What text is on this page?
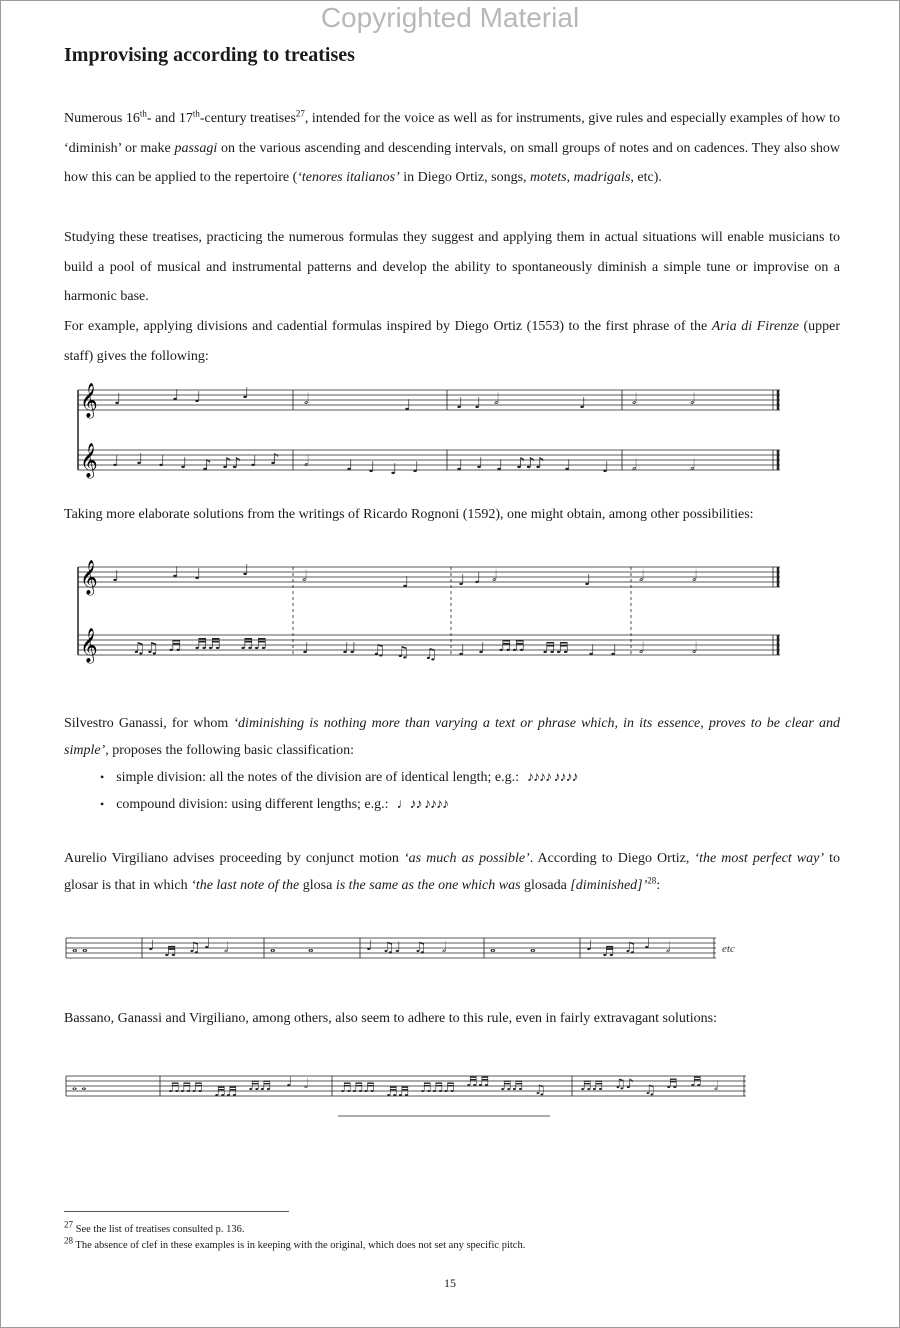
Copyrighted Material
Improvising according to treatises

Numerous 16th- and 17th-century treatises$^{27}$, intended for the voice as well as for instruments, give rules and especially examples of how to ‘diminish’ or make passagi on the various ascending and descending intervals, on small groups of notes and on cadences. They also show how this can be applied to the repertoire (‘tenores italianos’ in Diego Ortiz, songs, motets, madrigals, etc).

Studying these treatises, practicing the numerous formulas they suggest and applying them in actual situations will enable musicians to build a pool of musical and instrumental patterns and develop the ability to spontaneously diminish a simple tune or improvise on a harmonic base.

For example, applying divisions and cadential formulas inspired by Diego Ortiz (1553) to the first phrase of the Aria di Firenze (upper staff) gives the following:

𝄞
𝄞
♩	♩ ♩	♩	𝅗𝅥	♩	♩ ♩ 𝅗𝅥	♩	𝅗𝅥	𝅗𝅥
♩ ♩ ♩ ♩ ♪ ♪♪ ♩ ♪ 𝅗𝅥 ♩ ♩ ♩ ♩ ♩ ♩ ♩ ♪♪♪ ♩ ♩ 𝅗𝅥	𝅗𝅥

Taking more elaborate solutions from the writings of Ricardo Rognoni (1592), one might obtain, among other possibilities:

𝄞
𝄞
♩	♩ ♩	♩	𝅗𝅥	♩	♩ ♩ 𝅗𝅥	♩	𝅗𝅥	𝅗𝅥
♫♫ ♬ ♬♬ ♬♬ ♩ ♩♩ ♫ ♫ ♫ ♩ ♩ ♬♬ ♬♬ ♩ ♩ 𝅗𝅥	𝅗𝅥

Silvestro Ganassi, for whom ‘diminishing is nothing more than varying a text or phrase which, in its essence, proves to be clear and simple’, proposes the following basic classification:

• simple division: all the notes of the division are of identical length; e.g.: ♪♪♪♪ ♪♪♪♪
• compound division: using different lengths; e.g.: ♩♪♪ ♪♪♪♪

Aurelio Virgiliano advises proceeding by conjunct motion ‘as much as possible’. According to Diego Ortiz, ‘the most perfect way’ to glosar is that in which ‘the last note of the glosa is the same as the one which was glosada [diminished]’$^{28}$:

𝅝 𝅝	♩ ♬ ♫ ♩ 𝅗𝅥	𝅝 𝅝	♩ ♫♩ ♫ 𝅗𝅥	𝅝 𝅝	♩ ♬ ♫ ♩ 𝅗𝅥	etc

Bassano, Ganassi and Virgiliano, among others, also seem to adhere to this rule, even in fairly extravagant solutions:

𝅝 𝅝	♬♬♬ ♬♬ ♬♬ ♩ 𝅗𝅥 ♬♬♬ ♬♬ ♬♬♬ ♬♬ ♬♬ ♫	♬♬ ♫♪ ♫ ♬ ♬ 𝅗𝅥
$^{27}$ See the list of treatises consulted p. 136.
$^{28}$ The absence of clef in these examples is in keeping with the original, which does not set any specific pitch.
15
